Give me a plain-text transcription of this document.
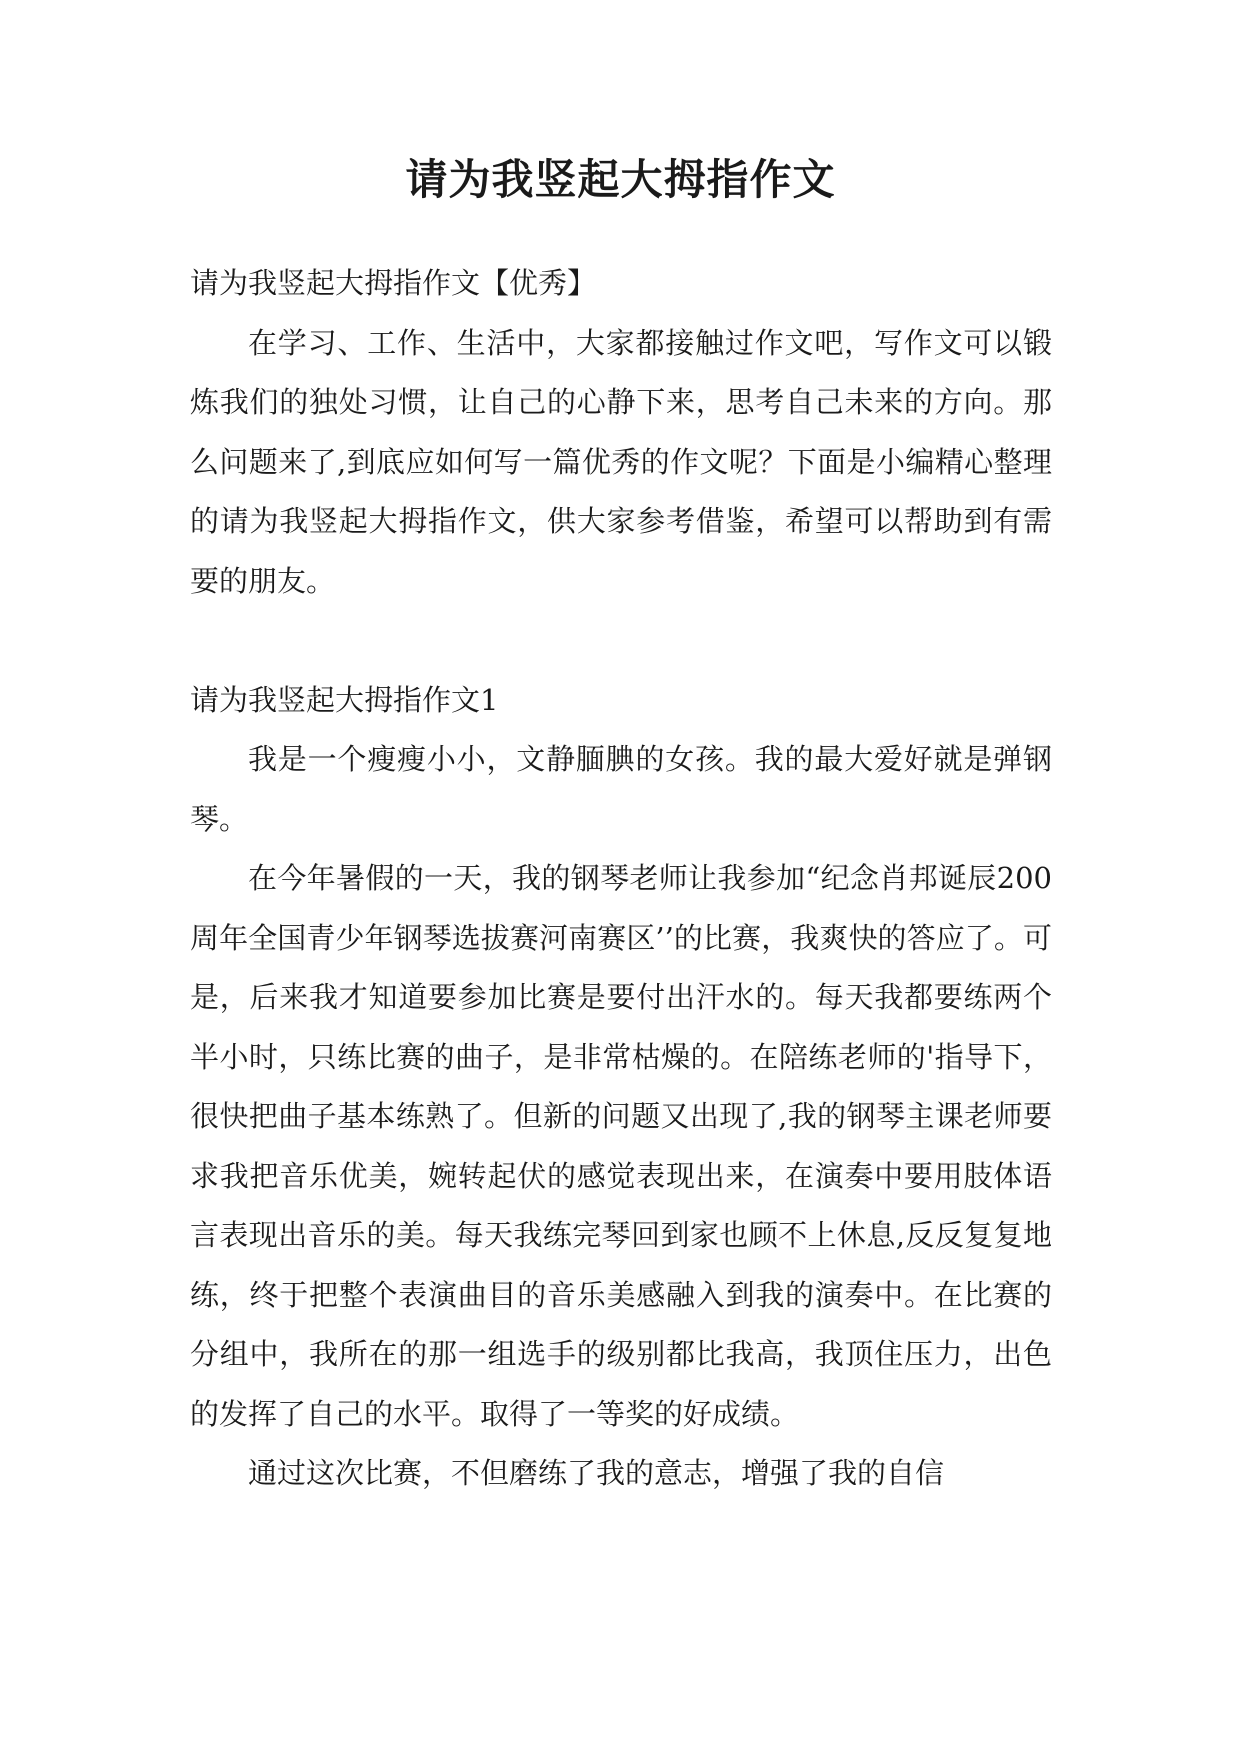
请为我竖起大拇指作文

请为我竖起大拇指作文【优秀】

在学习、工作、生活中，大家都接触过作文吧，写作文可以锻炼我们的独处习惯，让自己的心静下来，思考自己未来的方向。那么问题来了,到底应如何写一篇优秀的作文呢？下面是小编精心整理的请为我竖起大拇指作文，供大家参考借鉴，希望可以帮助到有需要的朋友。

请为我竖起大拇指作文1

我是一个瘦瘦小小，文静腼腆的女孩。我的最大爱好就是弹钢琴。

在今年暑假的一天，我的钢琴老师让我参加“纪念肖邦诞辰200周年全国青少年钢琴选拔赛河南赛区’’的比赛，我爽快的答应了。可是，后来我才知道要参加比赛是要付出汗水的。每天我都要练两个半小时，只练比赛的曲子，是非常枯燥的。在陪练老师的'指导下，很快把曲子基本练熟了。但新的问题又出现了,我的钢琴主课老师要求我把音乐优美，婉转起伏的感觉表现出来，在演奏中要用肢体语言表现出音乐的美。每天我练完琴回到家也顾不上休息,反反复复地练，终于把整个表演曲目的音乐美感融入到我的演奏中。在比赛的分组中，我所在的那一组选手的级别都比我高，我顶住压力，出色的发挥了自己的水平。取得了一等奖的好成绩。

通过这次比赛，不但磨练了我的意志，增强了我的自信
